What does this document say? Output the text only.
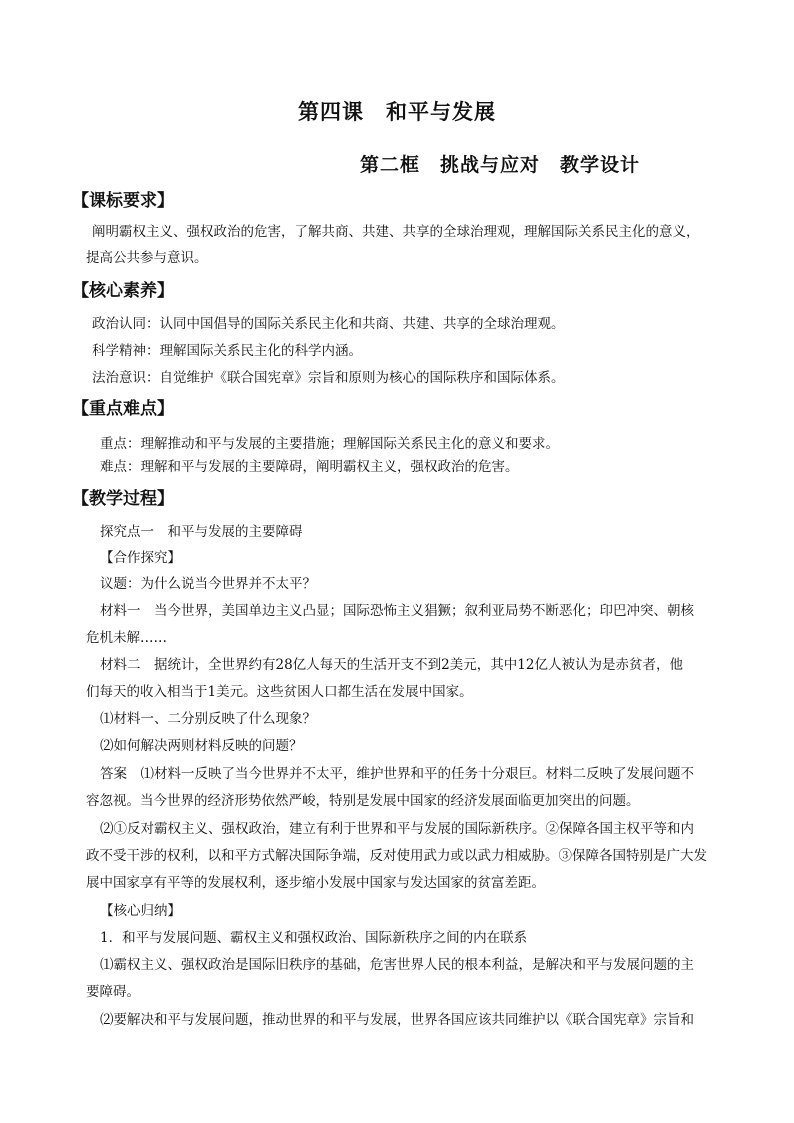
第四课　和平与发展
第二框　挑战与应对　教学设计
【课标要求】
阐明霸权主义、强权政治的危害，了解共商、共建、共享的全球治理观，理解国际关系民主化的意义，
提高公共参与意识。
【核心素养】
政治认同：认同中国倡导的国际关系民主化和共商、共建、共享的全球治理观。
科学精神：理解国际关系民主化的科学内涵。
法治意识：自觉维护《联合国宪章》宗旨和原则为核心的国际秩序和国际体系。
【重点难点】
重点：理解推动和平与发展的主要措施；理解国际关系民主化的意义和要求。
难点：理解和平与发展的主要障碍，阐明霸权主义，强权政治的危害。
【教学过程】
探究点一　和平与发展的主要障碍
【合作探究】
议题：为什么说当今世界并不太平？
材料一　当今世界，美国单边主义凸显；国际恐怖主义猖獗；叙利亚局势不断恶化；印巴冲突、朝核
危机未解……
材料二　据统计，全世界约有28亿人每天的生活开支不到2美元，其中12亿人被认为是赤贫者，他
们每天的收入相当于1美元。这些贫困人口都生活在发展中国家。
⑴材料一、二分别反映了什么现象？
⑵如何解决两则材料反映的问题？
答案　⑴材料一反映了当今世界并不太平，维护世界和平的任务十分艰巨。材料二反映了发展问题不
容忽视。当今世界的经济形势依然严峻，特别是发展中国家的经济发展面临更加突出的问题。
⑵①反对霸权主义、强权政治，建立有利于世界和平与发展的国际新秩序。②保障各国主权平等和内
政不受干涉的权利，以和平方式解决国际争端，反对使用武力或以武力相威胁。③保障各国特别是广大发
展中国家享有平等的发展权利，逐步缩小发展中国家与发达国家的贫富差距。
【核心归纳】
1．和平与发展问题、霸权主义和强权政治、国际新秩序之间的内在联系
⑴霸权主义、强权政治是国际旧秩序的基础，危害世界人民的根本利益，是解决和平与发展问题的主
要障碍。
⑵要解决和平与发展问题，推动世界的和平与发展，世界各国应该共同维护以《联合国宪章》宗旨和
